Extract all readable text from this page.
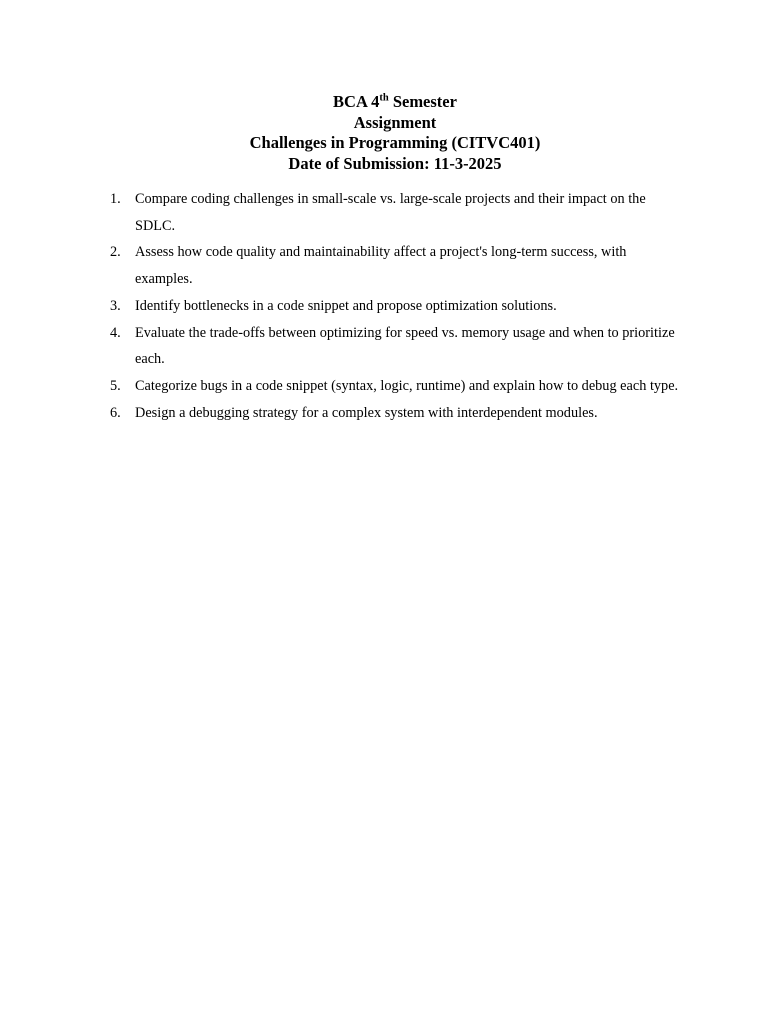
BCA 4th Semester
Assignment
Challenges in Programming (CITVC401)
Date of Submission: 11-3-2025
1. Compare coding challenges in small-scale vs. large-scale projects and their impact on the SDLC.
2. Assess how code quality and maintainability affect a project's long-term success, with examples.
3. Identify bottlenecks in a code snippet and propose optimization solutions.
4. Evaluate the trade-offs between optimizing for speed vs. memory usage and when to prioritize each.
5. Categorize bugs in a code snippet (syntax, logic, runtime) and explain how to debug each type.
6. Design a debugging strategy for a complex system with interdependent modules.
